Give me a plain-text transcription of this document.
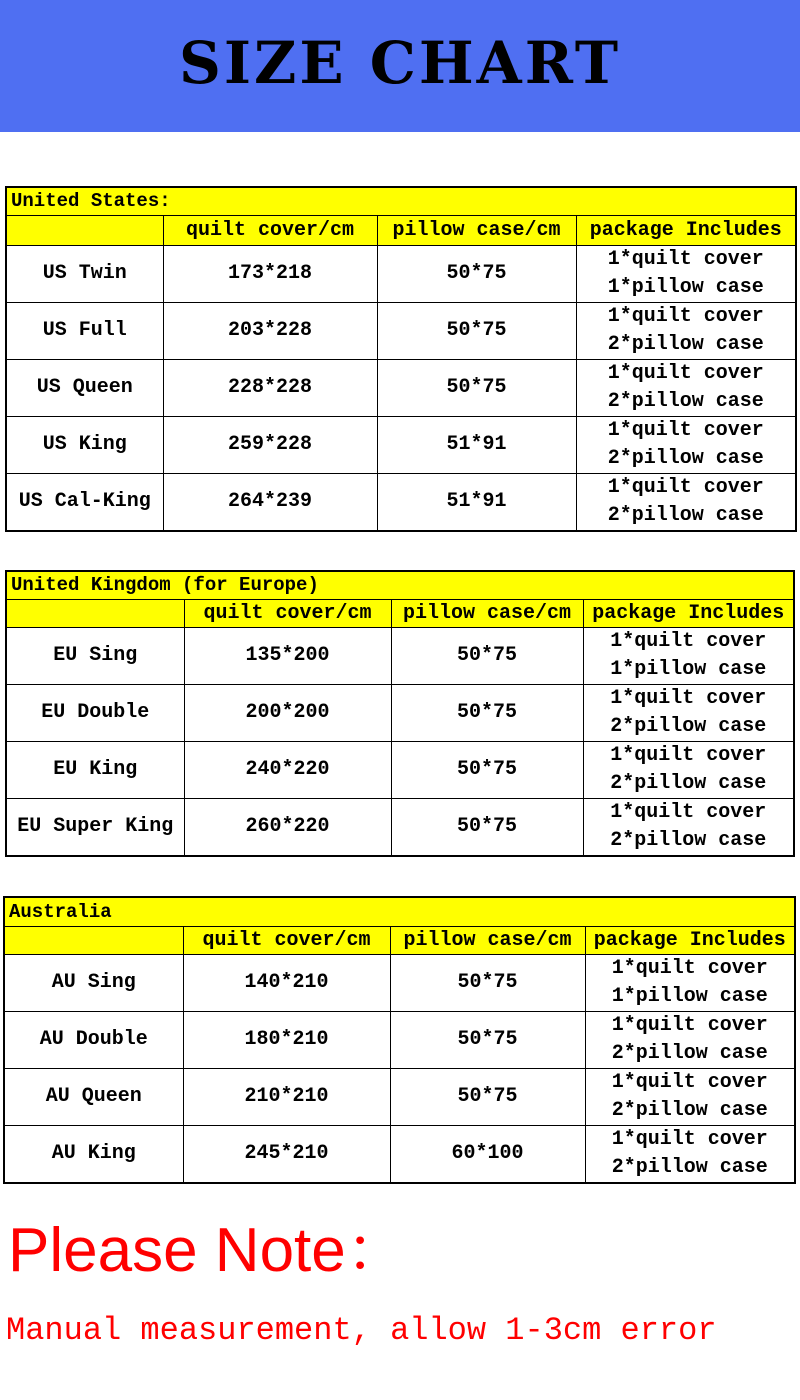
SIZE CHART
United States:			
	quilt cover/cm	pillow case/cm	package Includes
US Twin	173*218	50*75	1*quilt cover
1*pillow case

US Full	203*228	50*75	1*quilt cover
2*pillow case

US Queen	228*228	50*75	1*quilt cover
2*pillow case

US King	259*228	51*91	1*quilt cover
2*pillow case

US Cal-King	264*239	51*91	1*quilt cover
2*pillow case
United Kingdom (for Europe)			
	quilt cover/cm	pillow case/cm	package Includes
EU Sing	135*200	50*75	1*quilt cover
1*pillow case

EU Double	200*200	50*75	1*quilt cover
2*pillow case

EU King	240*220	50*75	1*quilt cover
2*pillow case

EU Super King	260*220	50*75	1*quilt cover
2*pillow case
Australia			
	quilt cover/cm	pillow case/cm	package Includes
AU Sing	140*210	50*75	1*quilt cover
1*pillow case

AU Double	180*210	50*75	1*quilt cover
2*pillow case

AU Queen	210*210	50*75	1*quilt cover
2*pillow case

AU King	245*210	60*100	1*quilt cover
2*pillow case
Please Note：
Manual measurement, allow 1-3cm error
